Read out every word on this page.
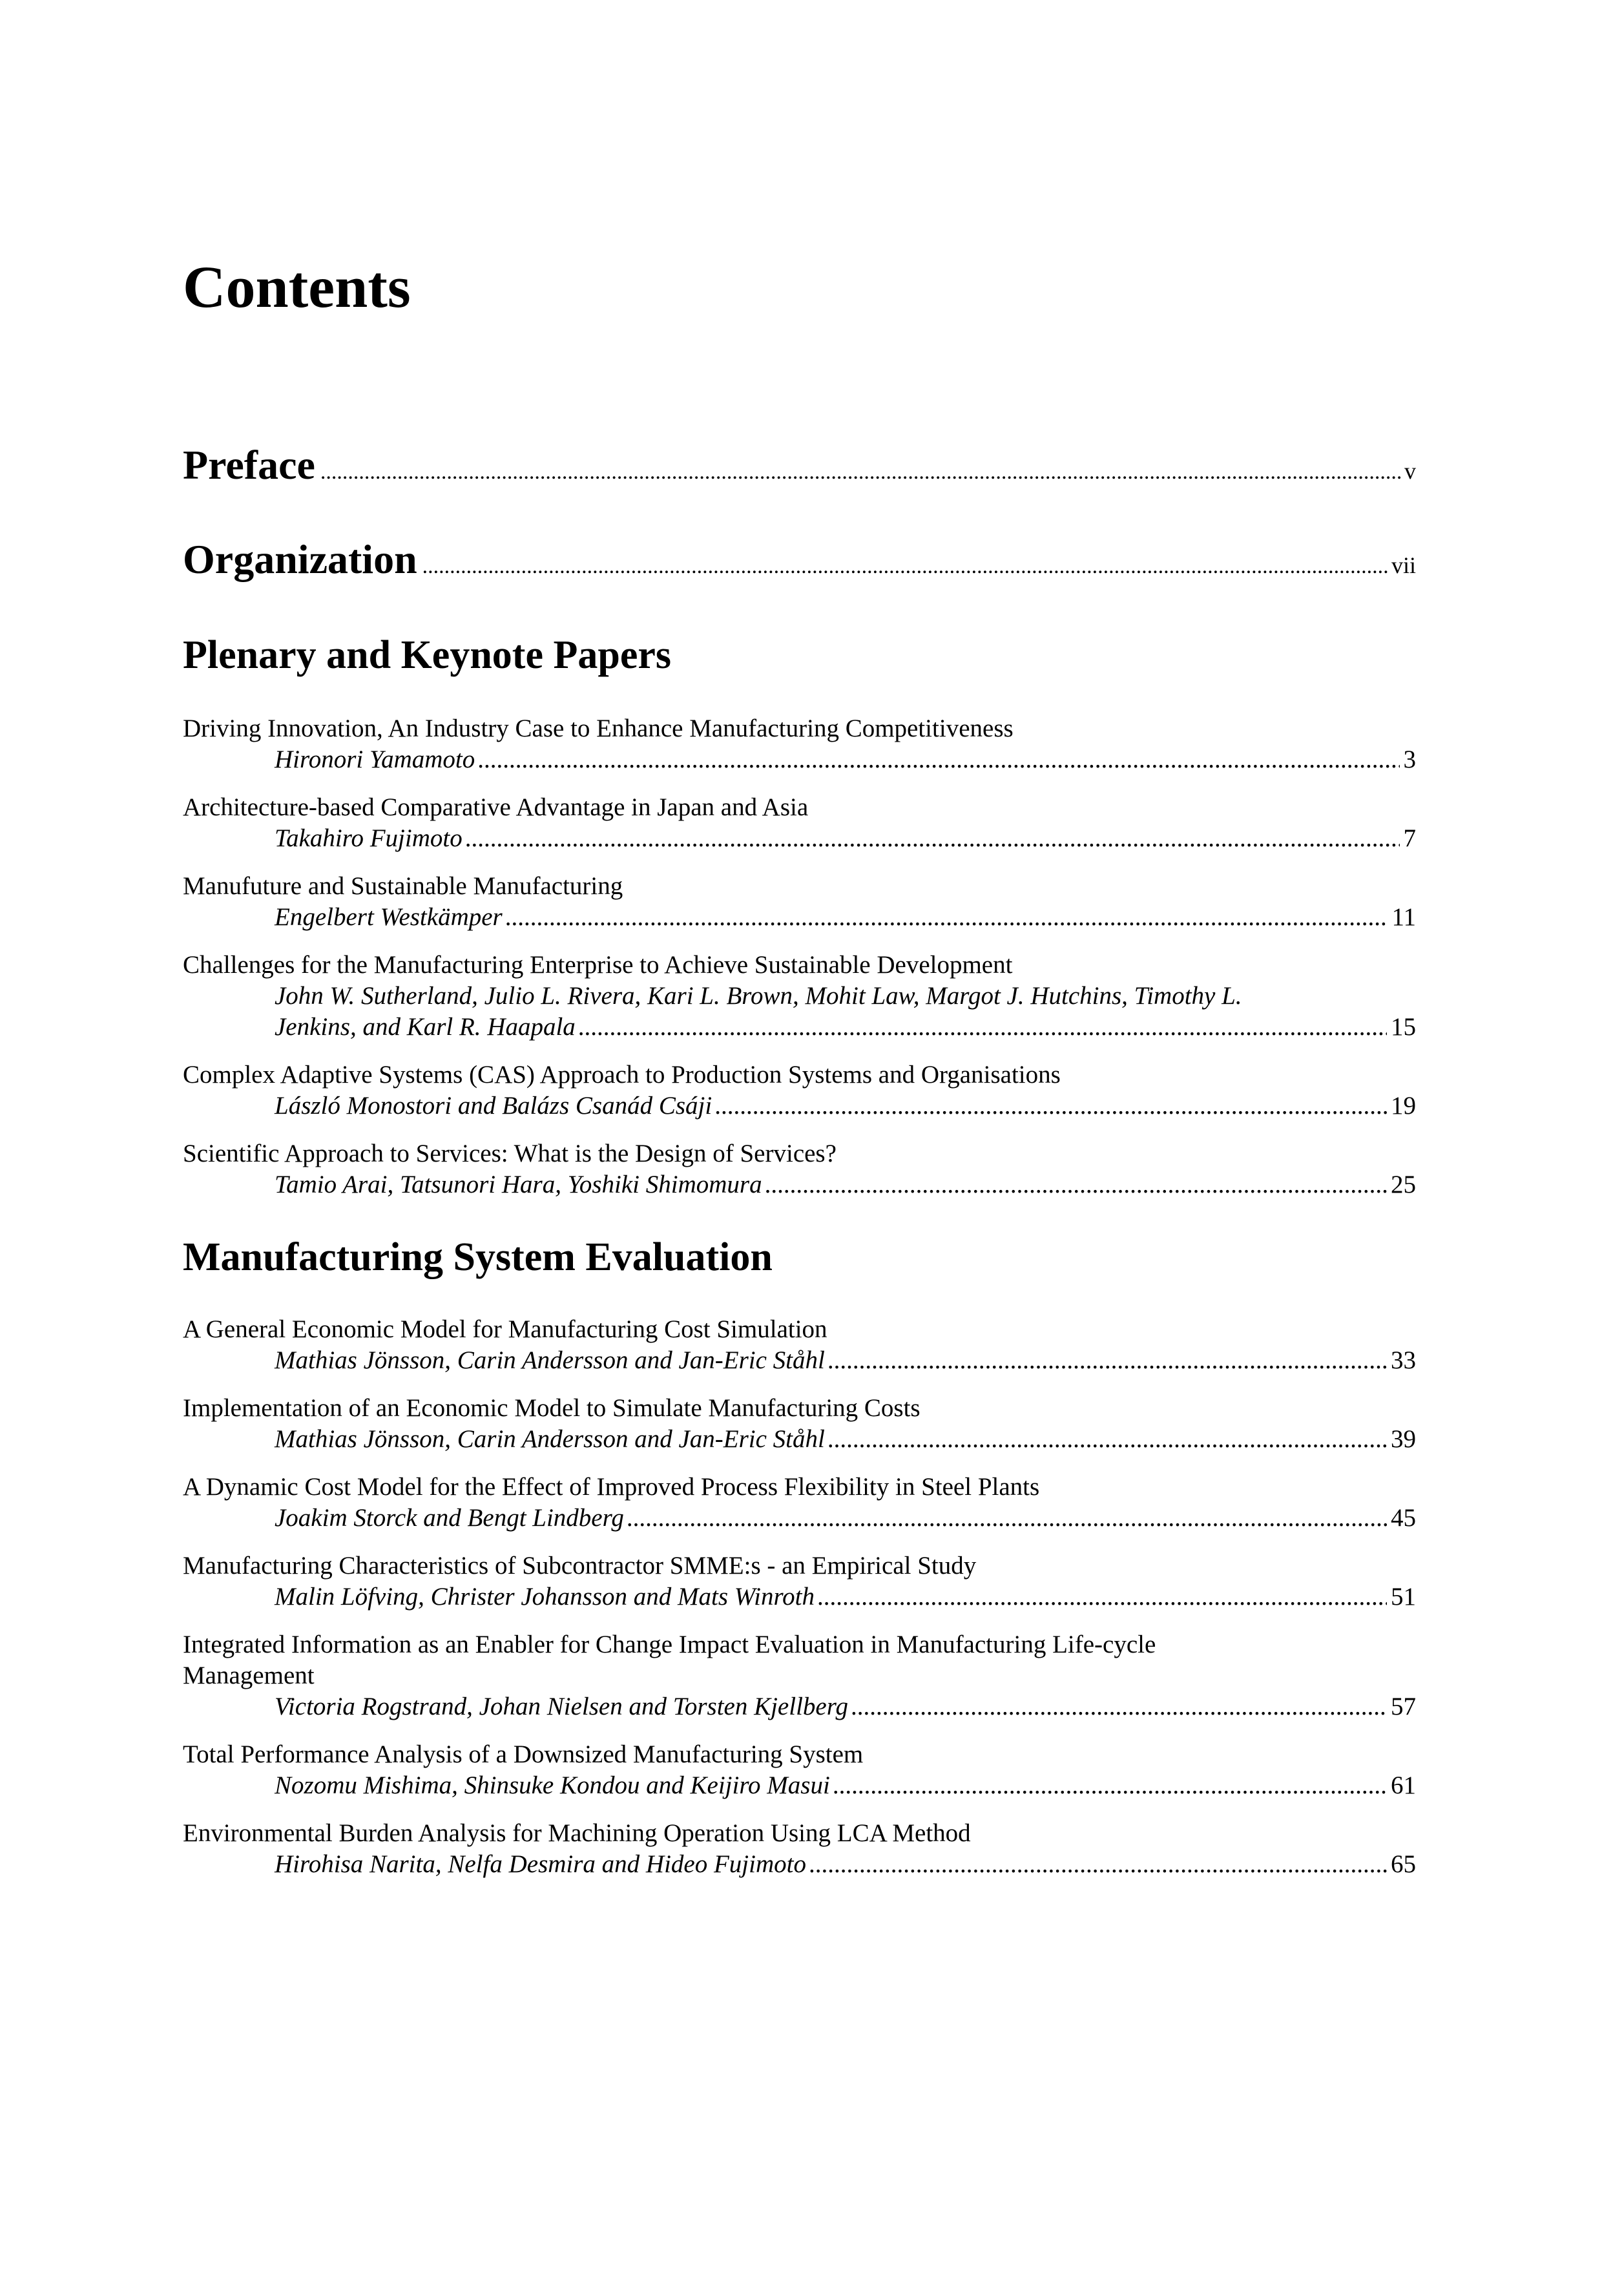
Contents
Preface .....	v
Organization .....	vii
Plenary and Keynote Papers
Driving Innovation, An Industry Case to Enhance Manufacturing Competitiveness
Hironori Yamamoto .....	3
Architecture-based Comparative Advantage in Japan and Asia
Takahiro Fujimoto .....	7
Manufuture and Sustainable Manufacturing
Engelbert Westkämper .....	11
Challenges for the Manufacturing Enterprise to Achieve Sustainable Development
John W. Sutherland, Julio L. Rivera, Kari L. Brown, Mohit Law, Margot J. Hutchins, Timothy L.
Jenkins, and Karl R. Haapala .....	15
Complex Adaptive Systems (CAS) Approach to Production Systems and Organisations
László Monostori and Balázs Csanád Csáji .....	19
Scientific Approach to Services: What is the Design of Services?
Tamio Arai, Tatsunori Hara, Yoshiki Shimomura .....	25
Manufacturing System Evaluation
A General Economic Model for Manufacturing Cost Simulation
Mathias Jönsson, Carin Andersson and Jan-Eric Ståhl .....	33
Implementation of an Economic Model to Simulate Manufacturing Costs
Mathias Jönsson, Carin Andersson and Jan-Eric Ståhl .....	39
A Dynamic Cost Model for the Effect of Improved Process Flexibility in Steel Plants
Joakim Storck and Bengt Lindberg .....	45
Manufacturing Characteristics of Subcontractor SMME:s - an Empirical Study
Malin Löfving, Christer Johansson and Mats Winroth .....	51
Integrated Information as an Enabler for Change Impact Evaluation in Manufacturing Life-cycle
Management
Victoria Rogstrand, Johan Nielsen and Torsten Kjellberg .....	57
Total Performance Analysis of a Downsized Manufacturing System
Nozomu Mishima, Shinsuke Kondou and Keijiro Masui .....	61
Environmental Burden Analysis for Machining Operation Using LCA Method
Hirohisa Narita, Nelfa Desmira and Hideo Fujimoto .....	65
